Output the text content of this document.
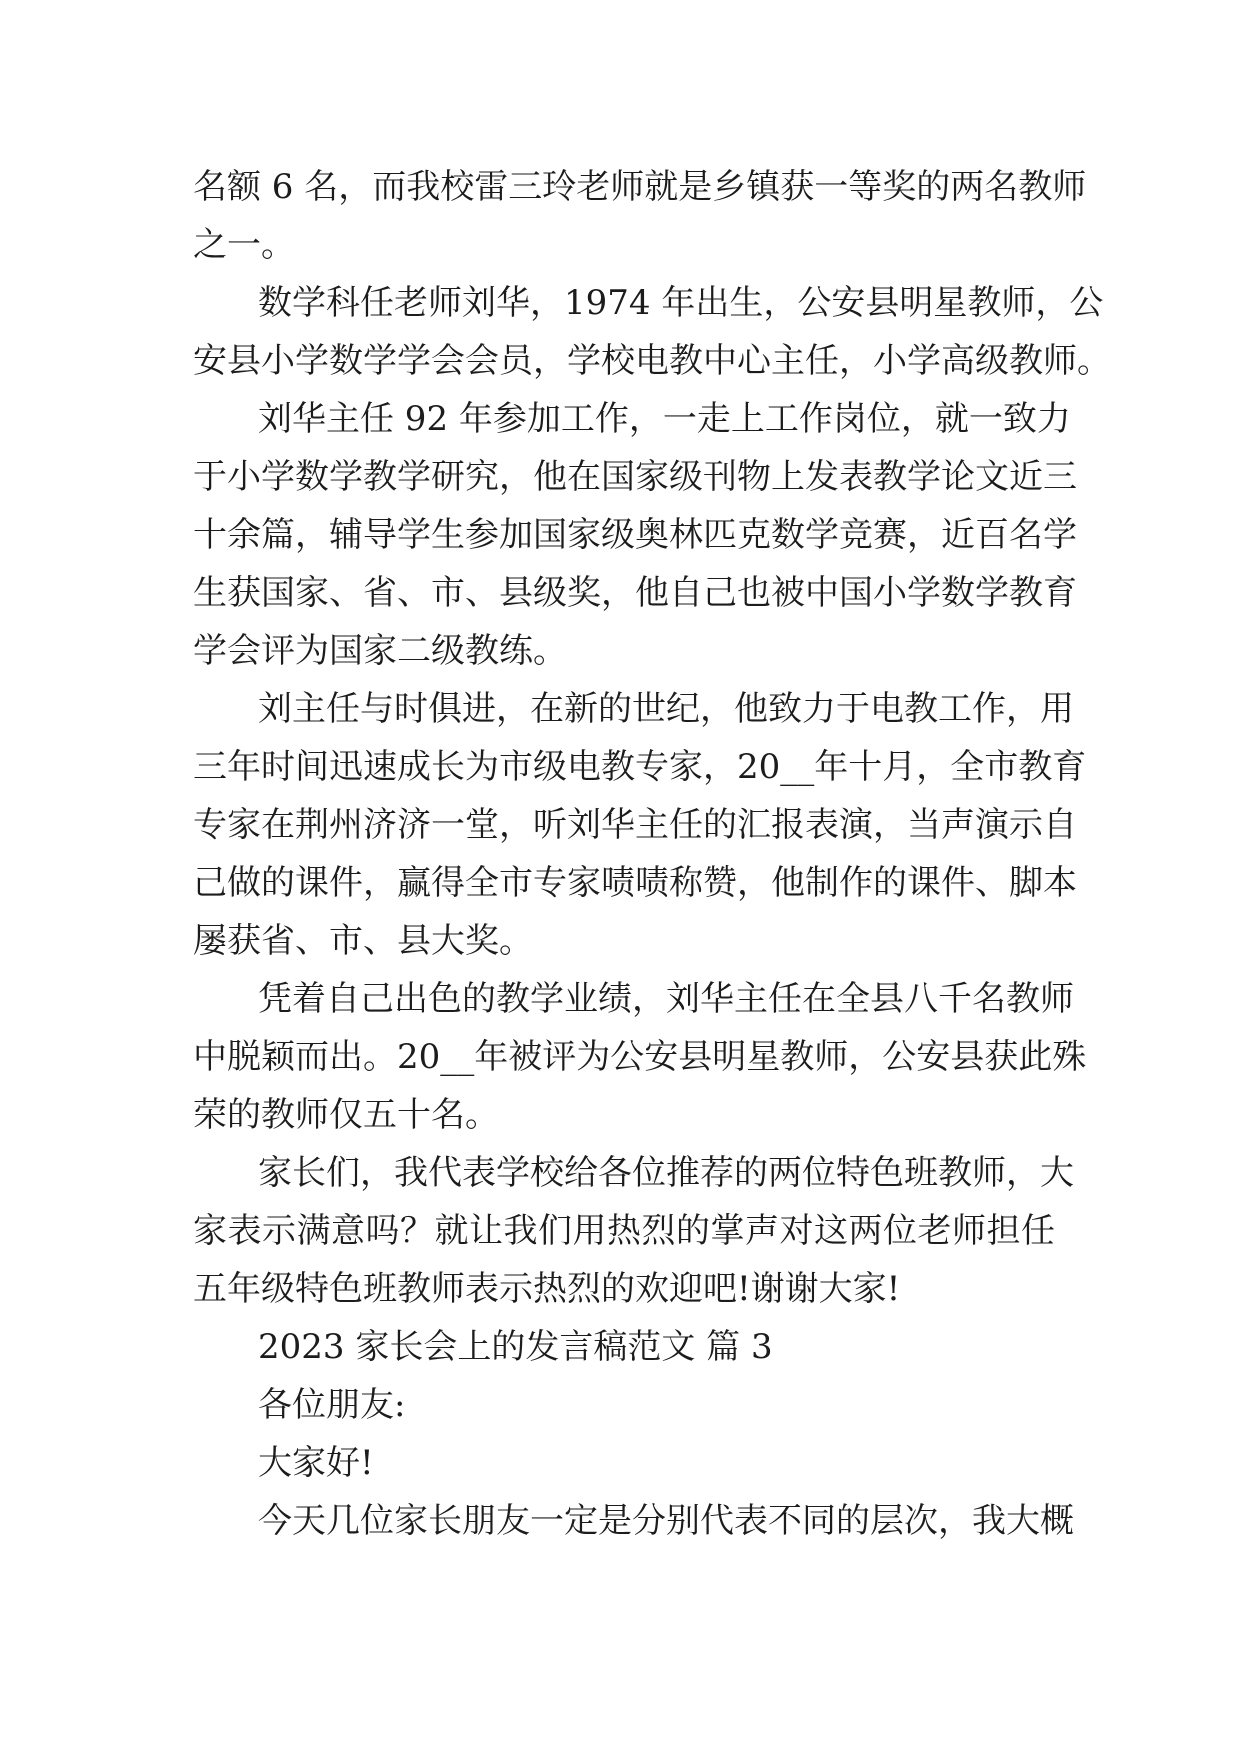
名额 6 名，而我校雷三玲老师就是乡镇获一等奖的两名教师
之一。
数学科任老师刘华，1974 年出生，公安县明星教师，公
安县小学数学学会会员，学校电教中心主任，小学高级教师。
刘华主任 92 年参加工作，一走上工作岗位，就一致力
于小学数学教学研究，他在国家级刊物上发表教学论文近三
十余篇，辅导学生参加国家级奥林匹克数学竞赛，近百名学
生获国家、省、市、县级奖，他自己也被中国小学数学教育
学会评为国家二级教练。
刘主任与时俱进，在新的世纪，他致力于电教工作，用
三年时间迅速成长为市级电教专家，20__年十月，全市教育
专家在荆州济济一堂，听刘华主任的汇报表演，当声演示自
己做的课件，赢得全市专家啧啧称赞，他制作的课件、脚本
屡获省、市、县大奖。
凭着自己出色的教学业绩，刘华主任在全县八千名教师
中脱颖而出。20__年被评为公安县明星教师，公安县获此殊
荣的教师仅五十名。
家长们，我代表学校给各位推荐的两位特色班教师，大
家表示满意吗？就让我们用热烈的掌声对这两位老师担任
五年级特色班教师表示热烈的欢迎吧!谢谢大家!
2023 家长会上的发言稿范文 篇 3
各位朋友:
大家好!
今天几位家长朋友一定是分别代表不同的层次，我大概
